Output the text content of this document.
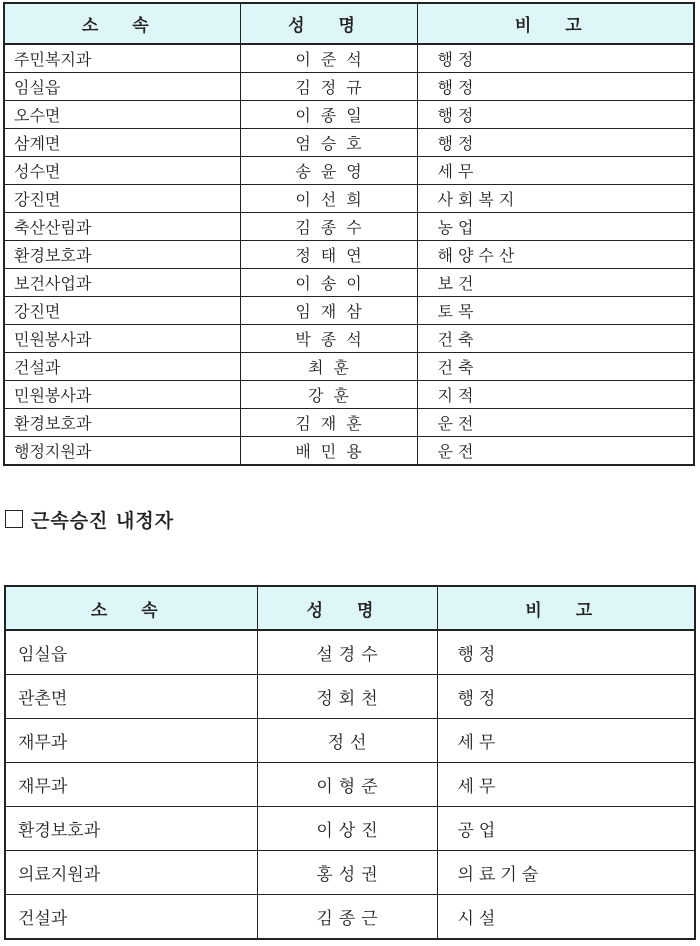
소 속	성 명	비 고
주민복지과	이준석	행정
임실읍	김정규	행정
오수면	이종일	행정
삼계면	엄승호	행정
성수면	송윤영	세무
강진면	이선희	사회복지
축산산림과	김종수	농업
환경보호과	정태연	해양수산
보건사업과	이송이	보건
강진면	임재삼	토목
민원봉사과	박종석	건축
건설과	최훈	건축
민원봉사과	강훈	지적
환경보호과	김재훈	운전
행정지원과	배민용	운전
근속승진 내정자
소 속	성 명	비 고
임실읍	설경수	행정
관촌면	정회천	행정
재무과	정선	세무
재무과	이형준	세무
환경보호과	이상진	공업
의료지원과	홍성권	의료기술
건설과	김종근	시설
